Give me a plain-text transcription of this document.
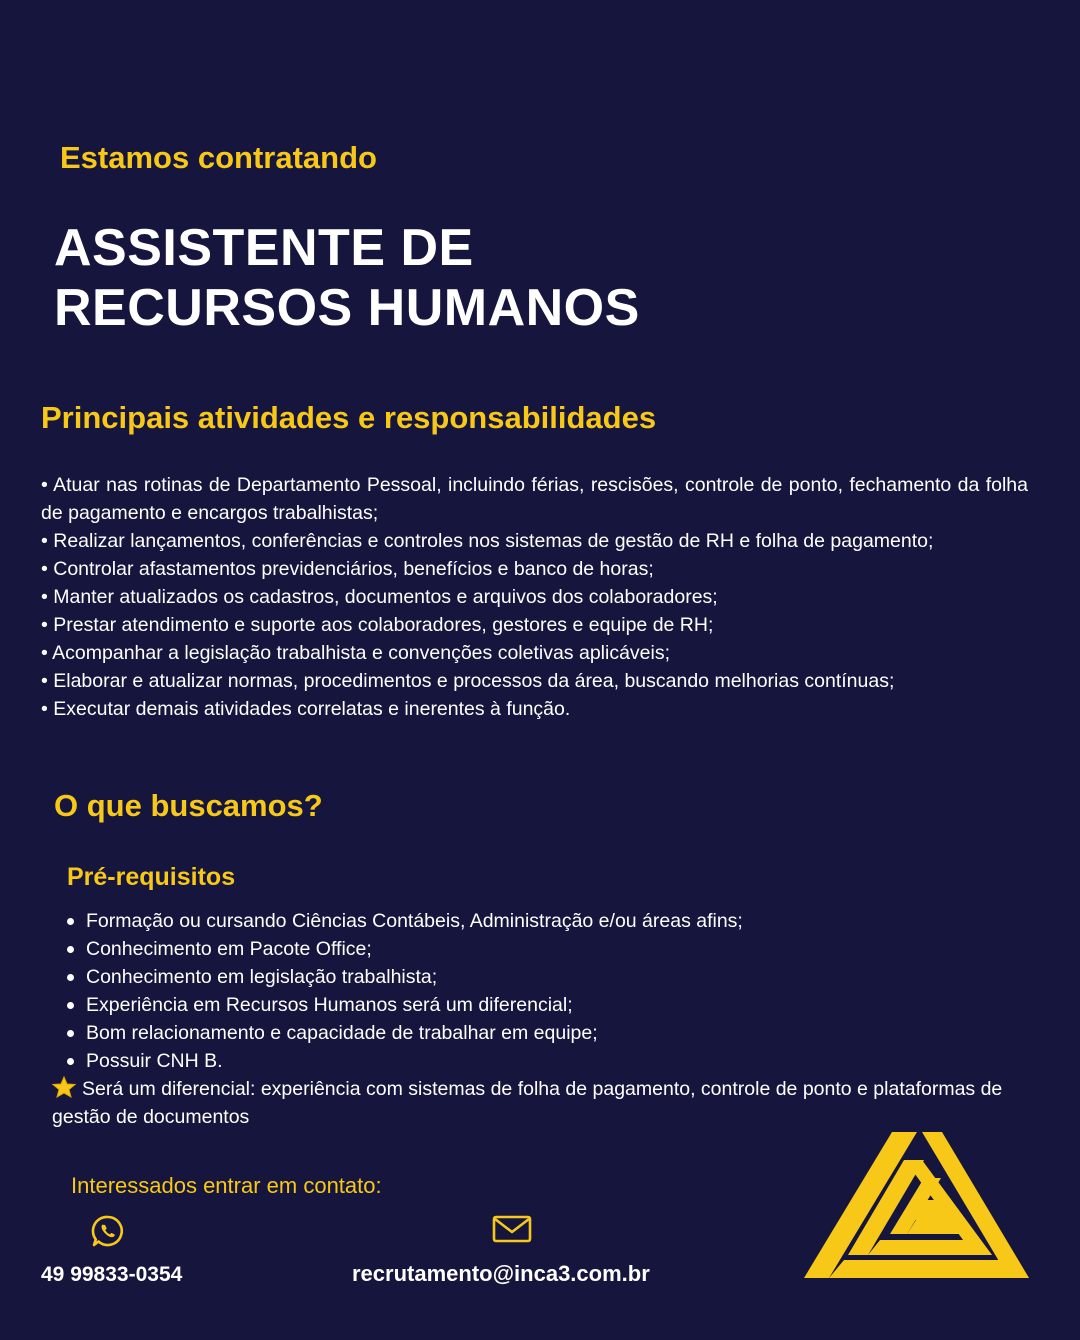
Estamos contratando

ASSISTENTE DE
RECURSOS HUMANOS
Principais atividades e responsabilidades
• Atuar nas rotinas de Departamento Pessoal, incluindo férias, rescisões, controle de ponto, fechamento da folha de pagamento e encargos trabalhistas;
• Realizar lançamentos, conferências e controles nos sistemas de gestão de RH e folha de pagamento;
• Controlar afastamentos previdenciários, benefícios e banco de horas;
• Manter atualizados os cadastros, documentos e arquivos dos colaboradores;
• Prestar atendimento e suporte aos colaboradores, gestores e equipe de RH;
• Acompanhar a legislação trabalhista e convenções coletivas aplicáveis;
• Elaborar e atualizar normas, procedimentos e processos da área, buscando melhorias contínuas;
• Executar demais atividades correlatas e inerentes à função.
O que buscamos?
Pré-requisitos
Formação ou cursando Ciências Contábeis, Administração e/ou áreas afins;
Conhecimento em Pacote Office;
Conhecimento em legislação trabalhista;
Experiência em Recursos Humanos será um diferencial;
Bom relacionamento e capacidade de trabalhar em equipe;
Possuir CNH B.

Será um diferencial: experiência com sistemas de folha de pagamento, controle de ponto e plataformas de gestão de documentos

Interessados entrar em contato:

49 99833-0354	recrutamento@inca3.com.br
